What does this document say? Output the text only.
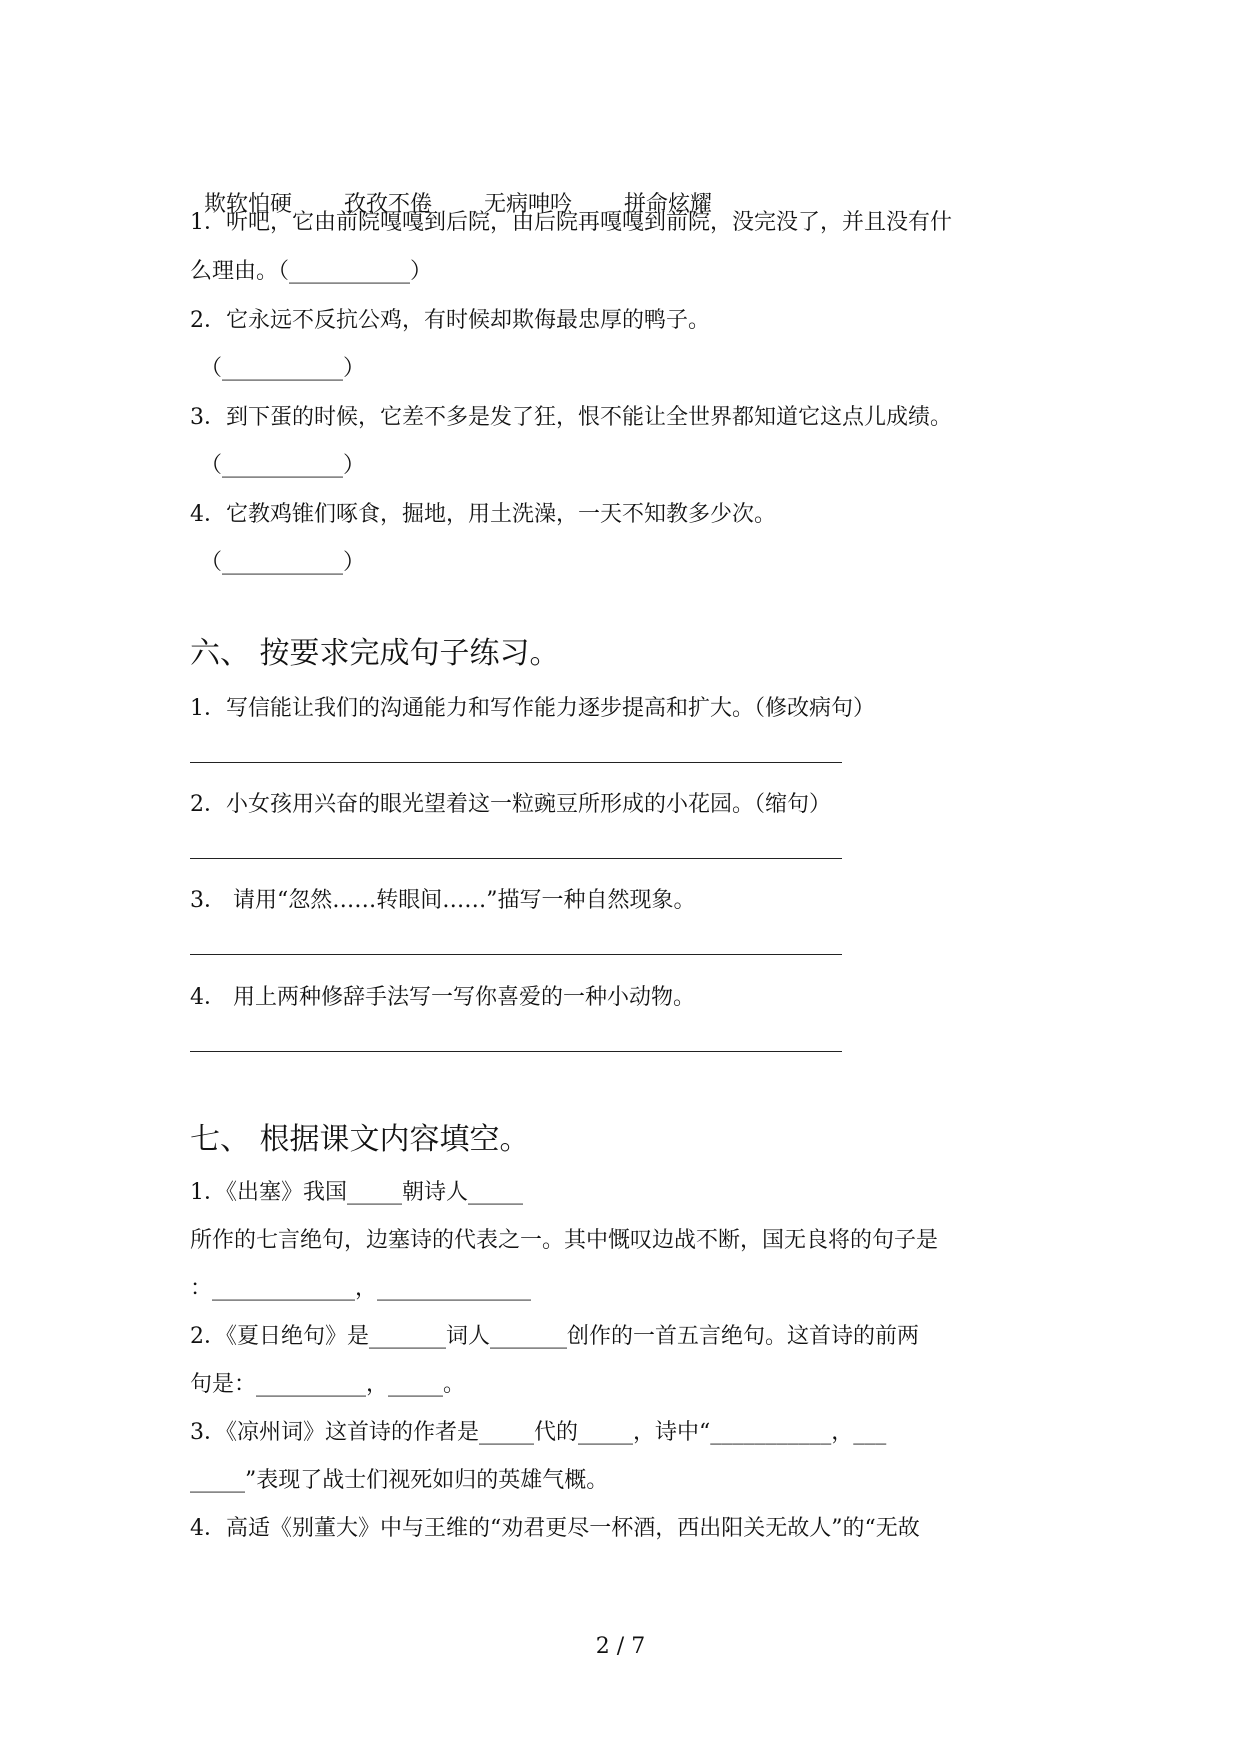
欺软怕硬 孜孜不倦 无病呻吟 拼命炫耀

1．听吧，它由前院嘎嘎到后院，由后院再嘎嘎到前院，没完没了，并且没有什
么理由。（___________）
2．它永远不反抗公鸡，有时候却欺侮最忠厚的鸭子。
（___________）
3．到下蛋的时候，它差不多是发了狂，恨不能让全世界都知道它这点儿成绩。
（___________）
4．它教鸡锥们啄食，掘地，用土洗澡，一天不知教多少次。
（___________）
六、 按要求完成句子练习。
1．写信能让我们的沟通能力和写作能力逐步提高和扩大。（修改病句）
2．小女孩用兴奋的眼光望着这一粒豌豆所形成的小花园。（缩句）
3． 请用“忽然……转眼间……”描写一种自然现象。
4． 用上两种修辞手法写一写你喜爱的一种小动物。
七、 根据课文内容填空。
1．《出塞》我国_____朝诗人_____
所作的七言绝句，边塞诗的代表之一。其中慨叹边战不断，国无良将的句子是
：_____________，______________
2．《夏日绝句》是_______词人_______创作的一首五言绝句。这首诗的前两
句是：__________，_____。
3．《凉州词》这首诗的作者是_____代的_____，诗中“___________，___
_____”表现了战士们视死如归的英雄气概。
4．高适《别董大》中与王维的“劝君更尽一杯酒，西出阳关无故人”的“无故
2 / 7
